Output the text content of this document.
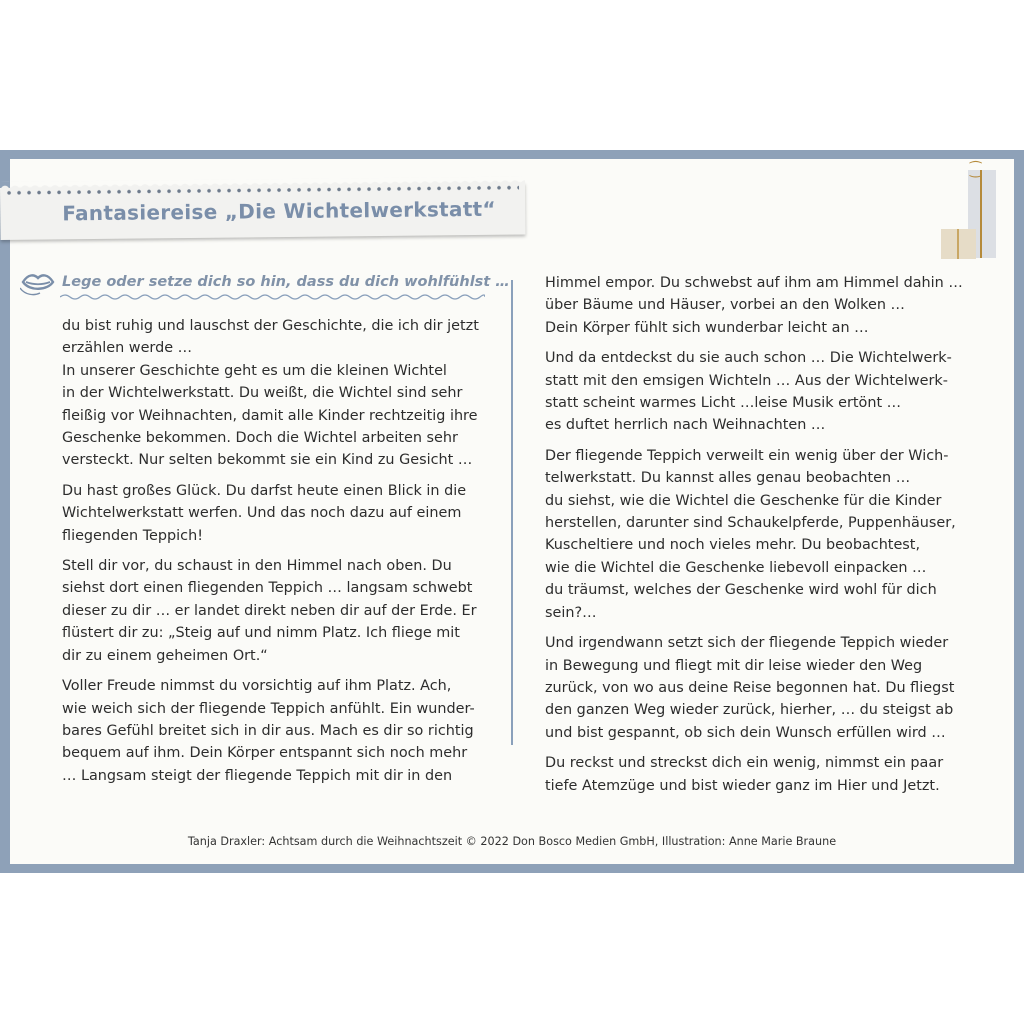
⁐
Fantasiereise „Die Wichtelwerkstatt“
Lege oder setze dich so hin, dass du dich wohlfühlst …

du bist ruhig und lauschst der Geschichte, die ich dir jetzt
erzählen werde …
In unserer Geschichte geht es um die kleinen Wichtel
in der Wichtelwerkstatt. Du weißt, die Wichtel sind sehr
fleißig vor Weihnachten, damit alle Kinder rechtzeitig ihre
Geschenke bekommen. Doch die Wichtel arbeiten sehr
versteckt. Nur selten bekommt sie ein Kind zu Gesicht …

Du hast großes Glück. Du darfst heute einen Blick in die
Wichtelwerkstatt werfen. Und das noch dazu auf einem
fliegenden Teppich!

Stell dir vor, du schaust in den Himmel nach oben. Du
siehst dort einen fliegenden Teppich … langsam schwebt
dieser zu dir … er landet direkt neben dir auf der Erde. Er
flüstert dir zu: „Steig auf und nimm Platz. Ich fliege mit
dir zu einem geheimen Ort.“

Voller Freude nimmst du vorsichtig auf ihm Platz. Ach,
wie weich sich der fliegende Teppich anfühlt. Ein wunder-
bares Gefühl breitet sich in dir aus. Mach es dir so richtig
bequem auf ihm. Dein Körper entspannt sich noch mehr
… Langsam steigt der fliegende Teppich mit dir in den

Himmel empor. Du schwebst auf ihm am Himmel dahin …
über Bäume und Häuser, vorbei an den Wolken …
Dein Körper fühlt sich wunderbar leicht an …

Und da entdeckst du sie auch schon … Die Wichtelwerk-
statt mit den emsigen Wichteln … Aus der Wichtelwerk-
statt scheint warmes Licht …leise Musik ertönt …
es duftet herrlich nach Weihnachten …

Der fliegende Teppich verweilt ein wenig über der Wich-
telwerkstatt. Du kannst alles genau beobachten …
du siehst, wie die Wichtel die Geschenke für die Kinder
herstellen, darunter sind Schaukelpferde, Puppenhäuser,
Kuscheltiere und noch vieles mehr. Du beobachtest,
wie die Wichtel die Geschenke liebevoll einpacken …
du träumst, welches der Geschenke wird wohl für dich
sein?…

Und irgendwann setzt sich der fliegende Teppich wieder
in Bewegung und fliegt mit dir leise wieder den Weg
zurück, von wo aus deine Reise begonnen hat. Du fliegst
den ganzen Weg wieder zurück, hierher, … du steigst ab
und bist gespannt, ob sich dein Wunsch erfüllen wird …

Du reckst und streckst dich ein wenig, nimmst ein paar
tiefe Atemzüge und bist wieder ganz im Hier und Jetzt.

Tanja Draxler: Achtsam durch die Weihnachtszeit © 2022 Don Bosco Medien GmbH, Illustration: Anne Marie Braune
